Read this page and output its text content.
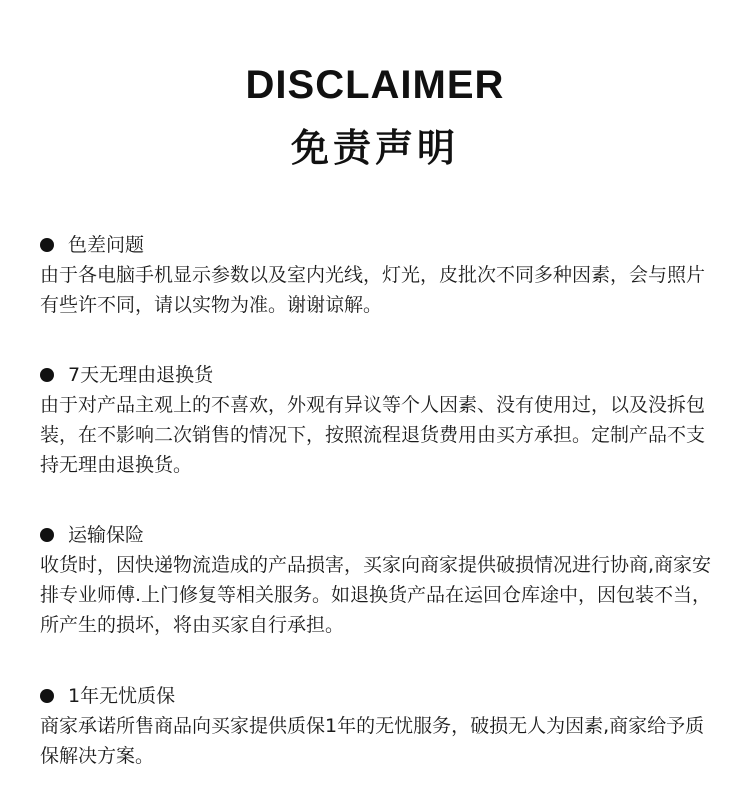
DISCLAIMER
免责声明
色差问题

由于各电脑手机显示参数以及室内光线，灯光，皮批次不同多种因素，会与照片有些许不同，请以实物为准。谢谢谅解。

7天无理由退换货

由于对产品主观上的不喜欢，外观有异议等个人因素、没有使用过，以及没拆包装，在不影响二次销售的情况下，按照流程退货费用由买方承担。定制产品不支持无理由退换货。

运输保险

收货时，因快递物流造成的产品损害，买家向商家提供破损情况进行协商,商家安排专业师傅.上门修复等相关服务。如退换货产品在运回仓库途中，因包装不当，所产生的损坏，将由买家自行承担。

1年无忧质保

商家承诺所售商品向买家提供质保1年的无忧服务，破损无人为因素,商家给予质保解决方案。
